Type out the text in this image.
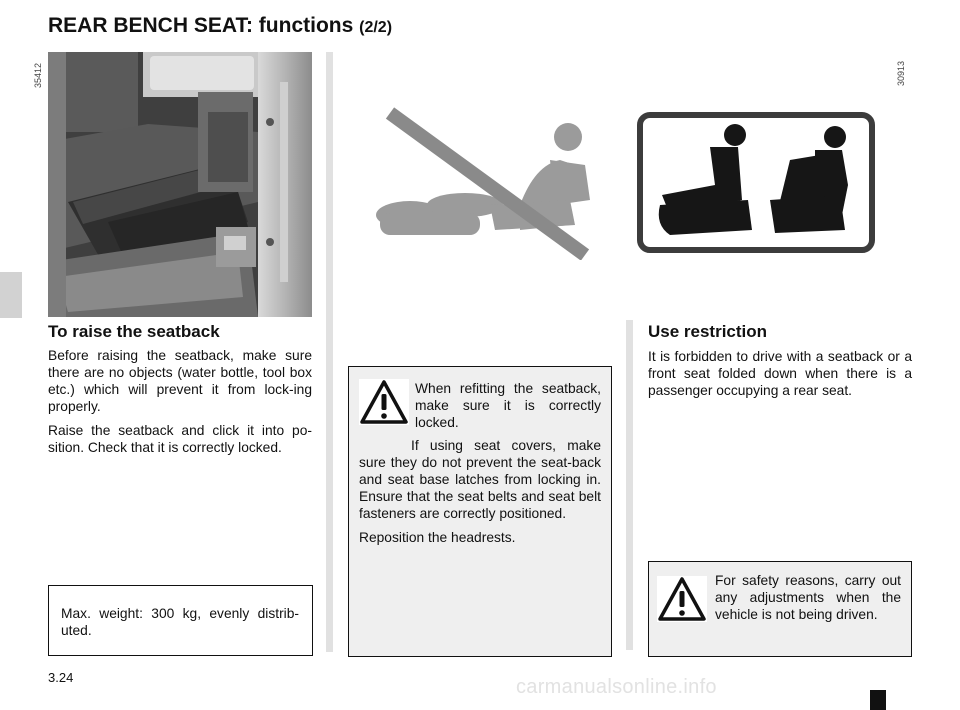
REAR BENCH SEAT: functions (2/2)
35412	30913
To raise the seatback

Before raising the seatback, make sure there are no objects (water bottle, tool box etc.) which will prevent it from lock-ing properly.

Raise the seatback and click it into po-sition. Check that it is correctly locked.

Max. weight: 300 kg, evenly distrib-uted.
When refitting the seatback, make sure it is correctly locked.

If using seat covers, make sure they do not prevent the seat-back and seat base latches from locking in. Ensure that the seat belts and seat belt fasteners are correctly positioned.

Reposition the headrests.

Use restriction
It is forbidden to drive with a seatback or a front seat folded down when there is a passenger occupying a rear seat.
For safety reasons, carry out any adjustments when the vehicle is not being driven.
3.24	carmanualsonline.info
